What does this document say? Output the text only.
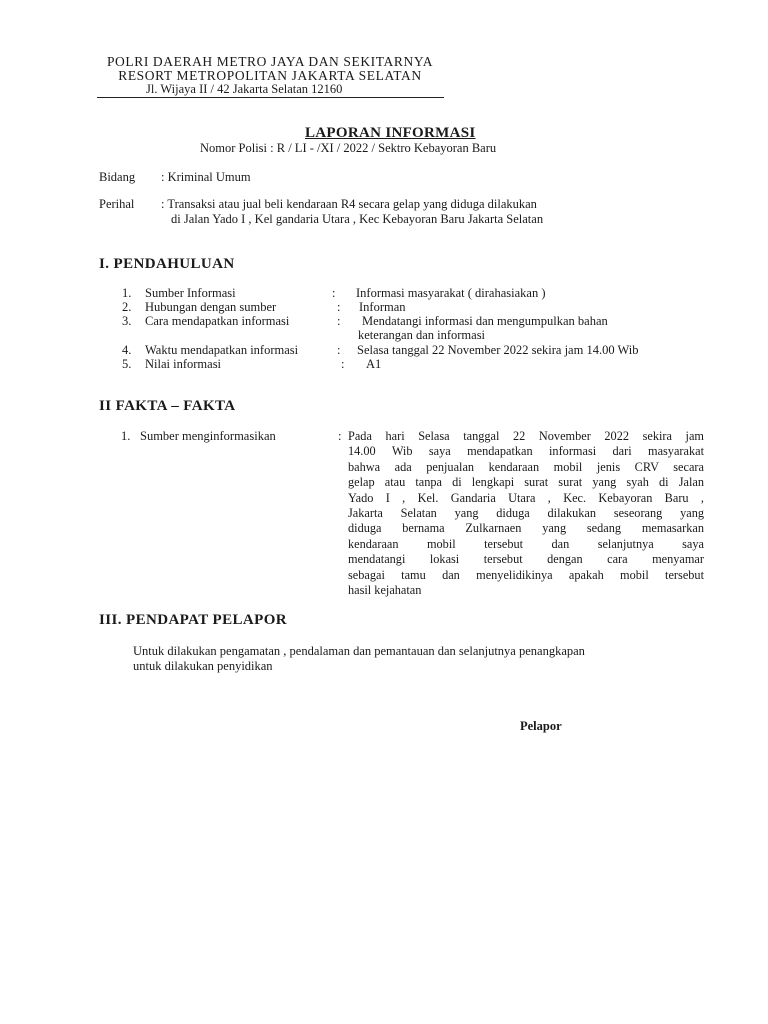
POLRI DAERAH METRO JAYA DAN SEKITARNYA
RESORT METROPOLITAN JAKARTA SELATAN
Jl. Wijaya II / 42 Jakarta Selatan 12160
LAPORAN INFORMASI
Nomor Polisi : R / LI - /XI / 2022 / Sektro Kebayoran Baru
Bidang : Kriminal Umum
Perihal : Transaksi atau jual beli kendaraan R4 secara gelap yang diduga dilakukan
di Jalan Yado I , Kel gandaria Utara , Kec Kebayoran Baru Jakarta Selatan
I. PENDAHULUAN
1. Sumber Informasi	: Informasi masyarakat ( dirahasiakan )
2. Hubungan dengan sumber	: Informan
3. Cara mendapatkan informasi	: Mendatangi informasi dan mengumpulkan bahan
keterangan dan informasi
4. Waktu mendapatkan informasi	: Selasa tanggal 22 November 2022 sekira jam 14.00 Wib
5. Nilai informasi	: A1
II FAKTA – FAKTA
1. Sumber menginformasikan	: Pada hari Selasa tanggal 22 November 2022 sekira jam
14.00 Wib saya mendapatkan informasi dari masyarakat
bahwa ada penjualan kendaraan mobil jenis CRV secara
gelap atau tanpa di lengkapi surat surat yang syah di Jalan
Yado I , Kel. Gandaria Utara , Kec. Kebayoran Baru ,
Jakarta Selatan yang diduga dilakukan seseorang yang
diduga bernama Zulkarnaen yang sedang memasarkan
kendaraan mobil tersebut dan selanjutnya saya
mendatangi lokasi tersebut dengan cara menyamar
sebagai tamu dan menyelidikinya apakah mobil tersebut
hasil kejahatan
III. PENDAPAT PELAPOR
Untuk dilakukan pengamatan , pendalaman dan pemantauan dan selanjutnya penangkapan
untuk dilakukan penyidikan
Pelapor
